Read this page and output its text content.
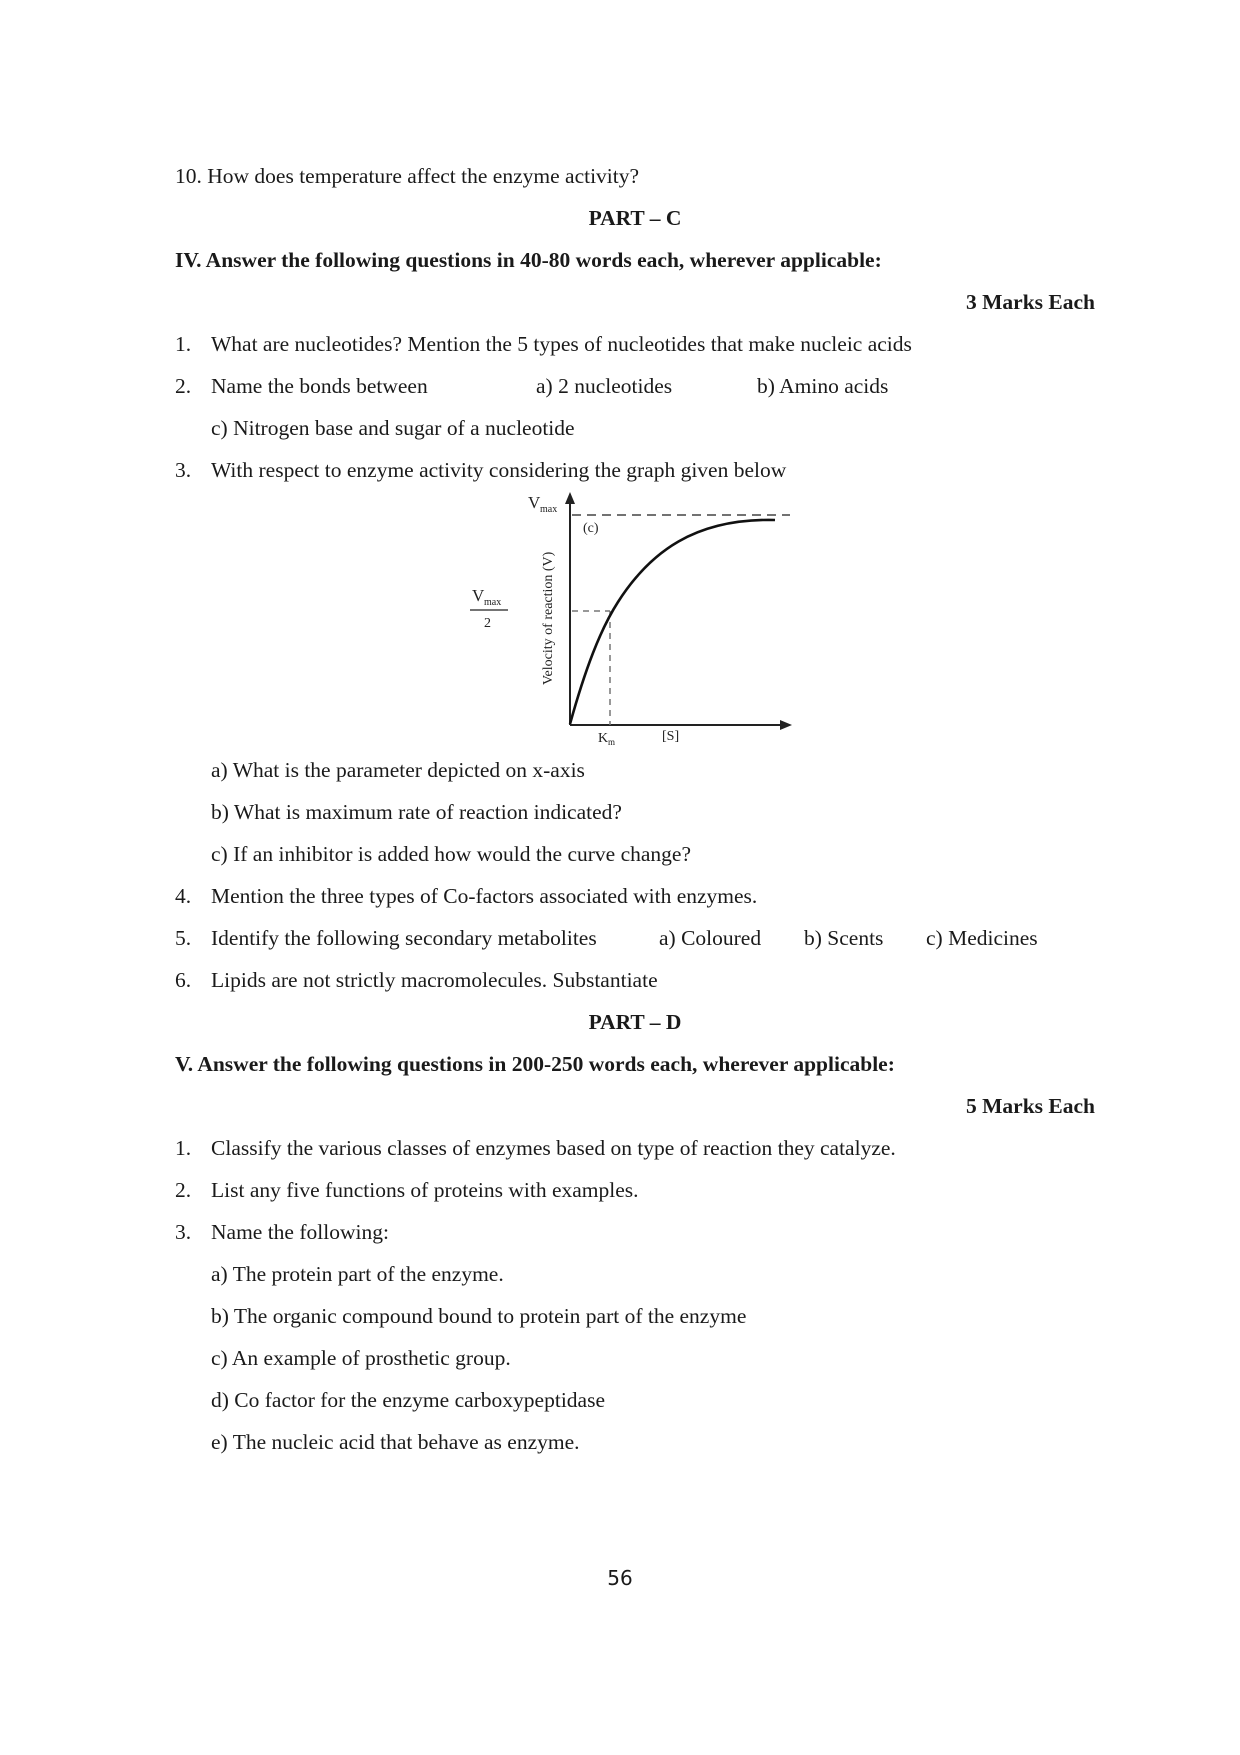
10. How does temperature affect the enzyme activity?
PART – C
IV. Answer the following questions in 40-80 words each, wherever applicable:
3 Marks Each
1. What are nucleotides? Mention the 5 types of nucleotides that make nucleic acids
2. Name the bonds between	a) 2 nucleotides	b) Amino acids
c) Nitrogen base and sugar of a nucleotide
3. With respect to enzyme activity considering the graph given below
V max
(c)
V max
2	Velocity of reaction (V)
K m	[S]
a) What is the parameter depicted on x-axis
b) What is maximum rate of reaction indicated?
c) If an inhibitor is added how would the curve change?
4. Mention the three types of Co-factors associated with enzymes.
5. Identify the following secondary metabolites	a) Coloured b) Scents c) Medicines
6. Lipids are not strictly macromolecules. Substantiate
PART – D
V. Answer the following questions in 200-250 words each, wherever applicable:
5 Marks Each
1. Classify the various classes of enzymes based on type of reaction they catalyze.
2. List any five functions of proteins with examples.
3. Name the following:
a) The protein part of the enzyme.
b) The organic compound bound to protein part of the enzyme
c) An example of prosthetic group.
d) Co factor for the enzyme carboxypeptidase
e) The nucleic acid that behave as enzyme.
56
